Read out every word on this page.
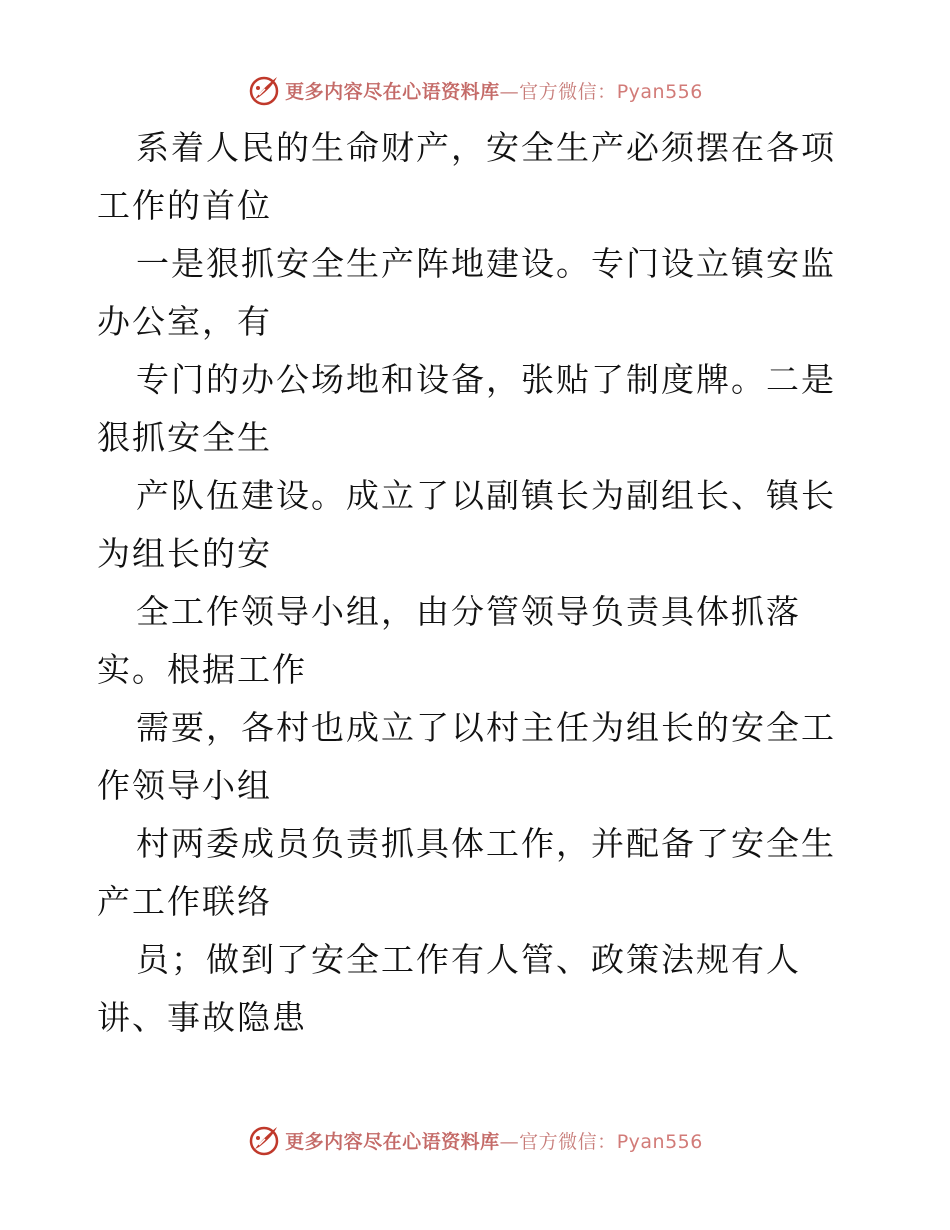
更多内容尽在心语资料库—官方微信：Pyan556

系着人民的生命财产，安全生产必须摆在各项工作的首位

一是狠抓安全生产阵地建设。专门设立镇安监办公室，有

专门的办公场地和设备，张贴了制度牌。二是狠抓安全生

产队伍建设。成立了以副镇长为副组长、镇长为组长的安

全工作领导小组，由分管领导负责具体抓落实。根据工作

需要，各村也成立了以村主任为组长的安全工作领导小组

村两委成员负责抓具体工作，并配备了安全生产工作联络

员；做到了安全工作有人管、政策法规有人讲、事故隐患

更多内容尽在心语资料库—官方微信：Pyan556
